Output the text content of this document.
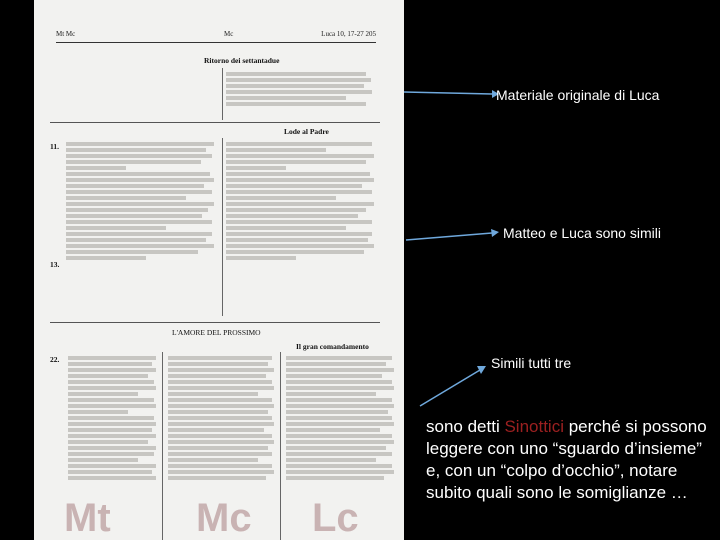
Mt Mc	Mc	Luca 10, 17-27 205
Ritorno dei settantadue
Lode al Padre
11.
13.
L'AMORE DEL PROSSIMO
Il gran comandamento
22.
Mt Mc Lc
Materiale originale di Luca
Matteo e Luca sono simili
Simili tutti tre
sono detti Sinottici perché si possono leggere con uno “sguardo d’insieme” e, con un “colpo d’occhio”, notare subito quali sono le somiglianze …
